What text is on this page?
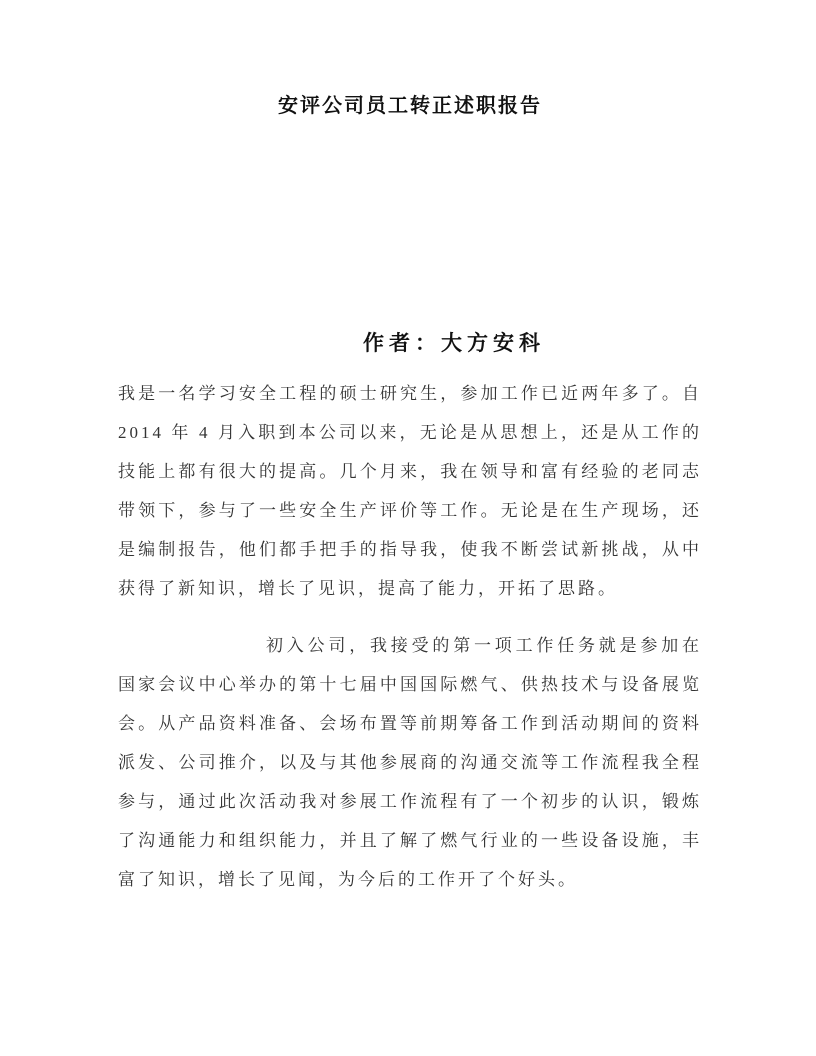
安评公司员工转正述职报告

作者：大方安科

我是一名学习安全工程的硕士研究生，参加工作已近两年多了。自 2014 年 4 月入职到本公司以来，无论是从思想上，还是从工作的技能上都有很大的提高。几个月来，我在领导和富有经验的老同志带领下，参与了一些安全生产评价等工作。无论是在生产现场，还是编制报告，他们都手把手的指导我，使我不断尝试新挑战，从中获得了新知识，增长了见识，提高了能力，开拓了思路。

初入公司，我接受的第一项工作任务就是参加在国家会议中心举办的第十七届中国国际燃气、供热技术与设备展览会。从产品资料准备、会场布置等前期筹备工作到活动期间的资料派发、公司推介，以及与其他参展商的沟通交流等工作流程我全程参与，通过此次活动我对参展工作流程有了一个初步的认识，锻炼了沟通能力和组织能力，并且了解了燃气行业的一些设备设施，丰富了知识，增长了见闻，为今后的工作开了个好头。
